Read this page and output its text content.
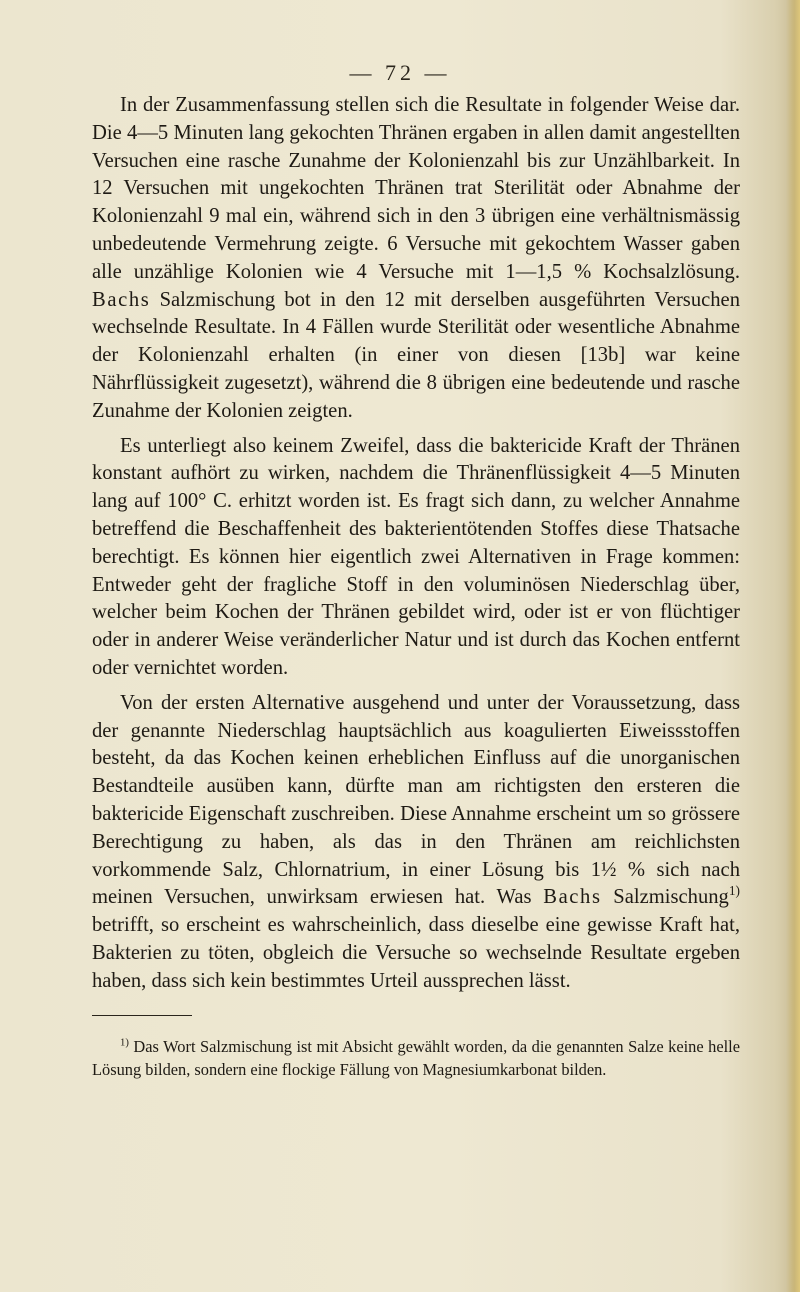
— 72 —

In der Zusammenfassung stellen sich die Resultate in folgender Weise dar. Die 4—5 Minuten lang gekochten Thränen ergaben in allen damit angestellten Versuchen eine rasche Zunahme der Kolonienzahl bis zur Unzählbarkeit. In 12 Versuchen mit ungekochten Thränen trat Sterilität oder Abnahme der Kolonienzahl 9 mal ein, während sich in den 3 übrigen eine verhältnismässig unbedeutende Vermehrung zeigte. 6 Versuche mit gekochtem Wasser gaben alle unzählige Kolonien wie 4 Versuche mit 1—1,5 % Kochsalzlösung. Bachs Salzmischung bot in den 12 mit derselben ausgeführten Versuchen wechselnde Resultate. In 4 Fällen wurde Sterilität oder wesentliche Abnahme der Kolonienzahl erhalten (in einer von diesen [13b] war keine Nährflüssigkeit zugesetzt), während die 8 übrigen eine bedeutende und rasche Zunahme der Kolonien zeigten.

Es unterliegt also keinem Zweifel, dass die baktericide Kraft der Thränen konstant aufhört zu wirken, nachdem die Thränenflüssigkeit 4—5 Minuten lang auf 100° C. erhitzt worden ist. Es fragt sich dann, zu welcher Annahme betreffend die Beschaffenheit des bakterientötenden Stoffes diese Thatsache berechtigt. Es können hier eigentlich zwei Alternativen in Frage kommen: Entweder geht der fragliche Stoff in den voluminösen Niederschlag über, welcher beim Kochen der Thränen gebildet wird, oder ist er von flüchtiger oder in anderer Weise veränderlicher Natur und ist durch das Kochen entfernt oder vernichtet worden.

Von der ersten Alternative ausgehend und unter der Voraussetzung, dass der genannte Niederschlag hauptsächlich aus koagulierten Eiweissstoffen besteht, da das Kochen keinen erheblichen Einfluss auf die unorganischen Bestandteile ausüben kann, dürfte man am richtigsten den ersteren die baktericide Eigenschaft zuschreiben. Diese Annahme erscheint um so grössere Berechtigung zu haben, als das in den Thränen am reichlichsten vorkommende Salz, Chlornatrium, in einer Lösung bis 1½ % sich nach meinen Versuchen, unwirksam erwiesen hat. Was Bachs Salzmischung$^{1)}$ betrifft, so erscheint es wahrscheinlich, dass dieselbe eine gewisse Kraft hat, Bakterien zu töten, obgleich die Versuche so wechselnde Resultate ergeben haben, dass sich kein bestimmtes Urteil aussprechen lässt.

$^{1)}$ Das Wort Salzmischung ist mit Absicht gewählt worden, da die genannten Salze keine helle Lösung bilden, sondern eine flockige Fällung von Magnesiumkarbonat bilden.
